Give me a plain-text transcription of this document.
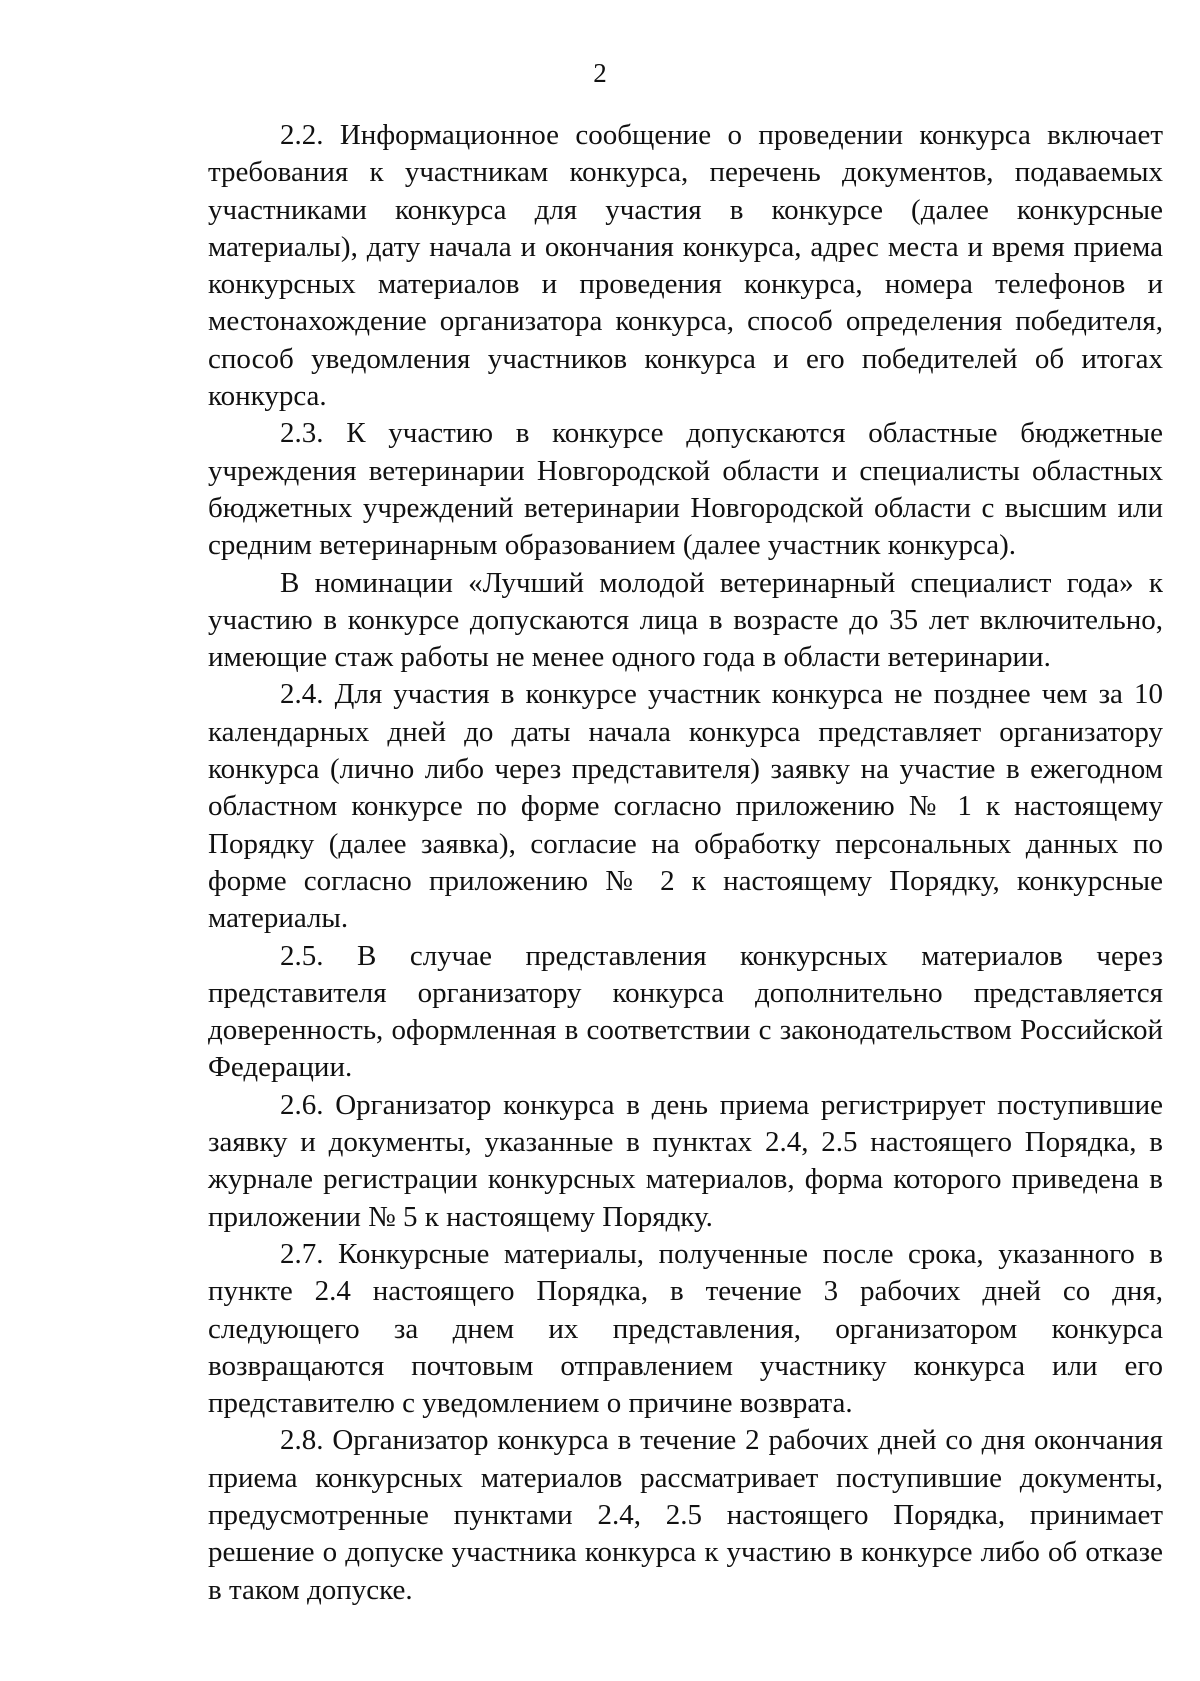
2

2.2. Информационное сообщение о проведении конкурса включает требования к участникам конкурса, перечень документов, подаваемых участниками конкурса для участия в конкурсе (далее конкурсные материалы), дату начала и окончания конкурса, адрес места и время приема конкурсных материалов и проведения конкурса, номера телефонов и местонахождение организатора конкурса, способ определения победителя, способ уведомления участников конкурса и его победителей об итогах конкурса.

2.3. К участию в конкурсе допускаются областные бюджетные учреждения ветеринарии Новгородской области и специалисты областных бюджетных учреждений ветеринарии Новгородской области с высшим или средним ветеринарным образованием (далее участник конкурса).

В номинации «Лучший молодой ветеринарный специалист года» к участию в конкурсе допускаются лица в возрасте до 35 лет включительно, имеющие стаж работы не менее одного года в области ветеринарии.

2.4. Для участия в конкурсе участник конкурса не позднее чем за 10 календарных дней до даты начала конкурса представляет организатору конкурса (лично либо через представителя) заявку на участие в ежегодном областном конкурсе по форме согласно приложению № 1 к настоящему Порядку (далее заявка), согласие на обработку персональных данных по форме согласно приложению № 2 к настоящему Порядку, конкурсные материалы.

2.5. В случае представления конкурсных материалов через представителя организатору конкурса дополнительно представляется доверенность, оформленная в соответствии с законодательством Российской Федерации.

2.6. Организатор конкурса в день приема регистрирует поступившие заявку и документы, указанные в пунктах 2.4, 2.5 настоящего Порядка, в журнале регистрации конкурсных материалов, форма которого приведена в приложении № 5 к настоящему Порядку.

2.7. Конкурсные материалы, полученные после срока, указанного в пункте 2.4 настоящего Порядка, в течение 3 рабочих дней со дня, следующего за днем их представления, организатором конкурса возвращаются почтовым отправлением участнику конкурса или его представителю с уведомлением о причине возврата.

2.8. Организатор конкурса в течение 2 рабочих дней со дня окончания приема конкурсных материалов рассматривает поступившие документы, предусмотренные пунктами 2.4, 2.5 настоящего Порядка, принимает решение о допуске участника конкурса к участию в конкурсе либо об отказе в таком допуске.
